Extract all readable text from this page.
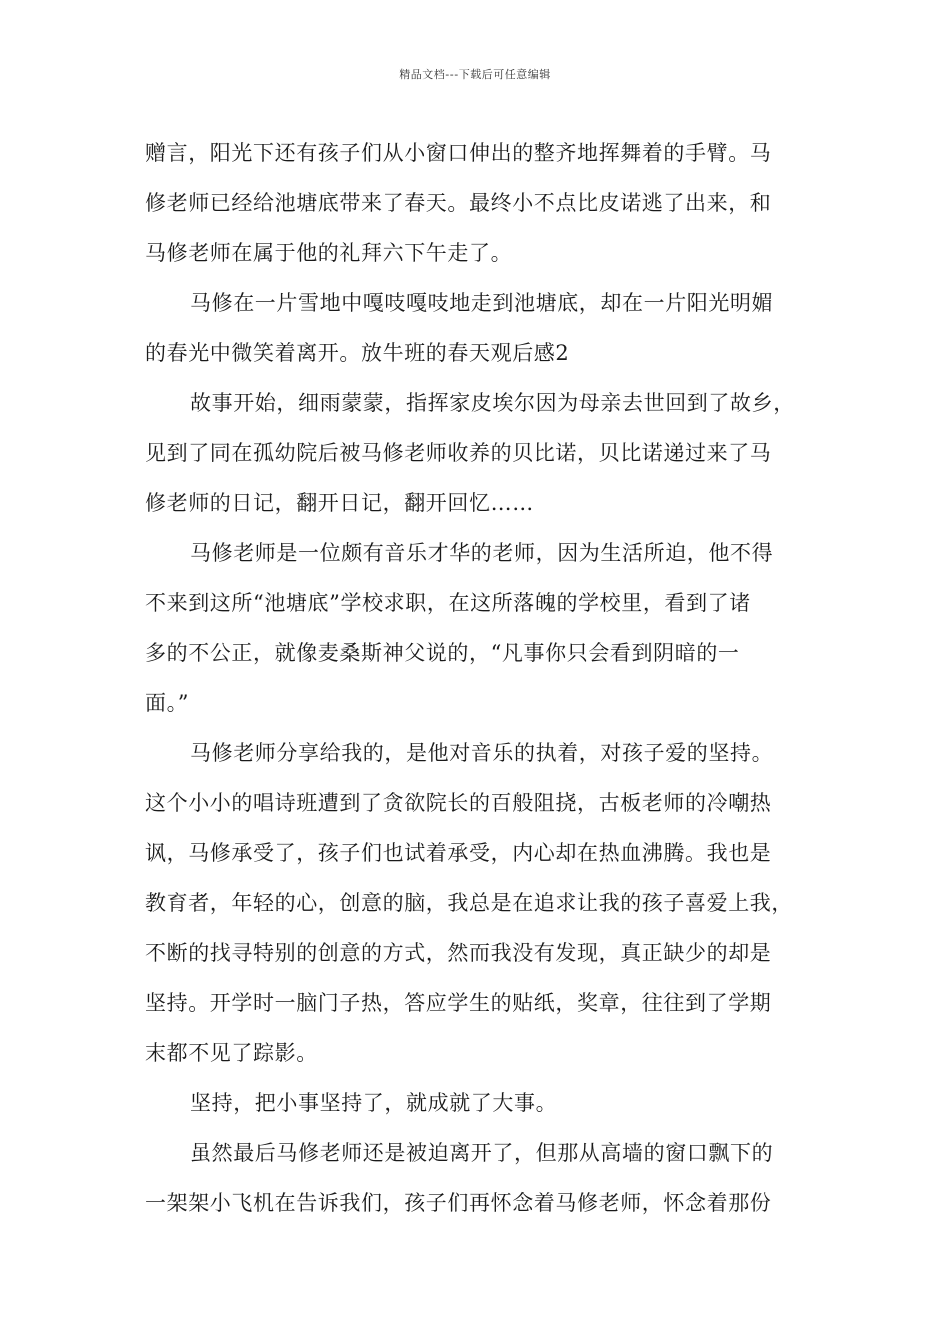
精品文档---下载后可任意编辑
赠言，阳光下还有孩子们从小窗口伸出的整齐地挥舞着的手臂。马
修老师已经给池塘底带来了春天。最终小不点比皮诺逃了出来，和
马修老师在属于他的礼拜六下午走了。
马修在一片雪地中嘎吱嘎吱地走到池塘底，却在一片阳光明媚
的春光中微笑着离开。放牛班的春天观后感2
故事开始，细雨蒙蒙，指挥家皮埃尔因为母亲去世回到了故乡，
见到了同在孤幼院后被马修老师收养的贝比诺，贝比诺递过来了马
修老师的日记，翻开日记，翻开回忆……
马修老师是一位颇有音乐才华的老师，因为生活所迫，他不得
不来到这所“池塘底”学校求职，在这所落魄的学校里，看到了诸
多的不公正，就像麦桑斯神父说的，“凡事你只会看到阴暗的一
面。”
马修老师分享给我的，是他对音乐的执着，对孩子爱的坚持。
这个小小的唱诗班遭到了贪欲院长的百般阻挠，古板老师的冷嘲热
讽，马修承受了，孩子们也试着承受，内心却在热血沸腾。我也是
教育者，年轻的心，创意的脑，我总是在追求让我的孩子喜爱上我，
不断的找寻特别的创意的方式，然而我没有发现，真正缺少的却是
坚持。开学时一脑门子热，答应学生的贴纸，奖章，往往到了学期
末都不见了踪影。
坚持，把小事坚持了，就成就了大事。
虽然最后马修老师还是被迫离开了，但那从高墙的窗口飘下的
一架架小飞机在告诉我们，孩子们再怀念着马修老师，怀念着那份
